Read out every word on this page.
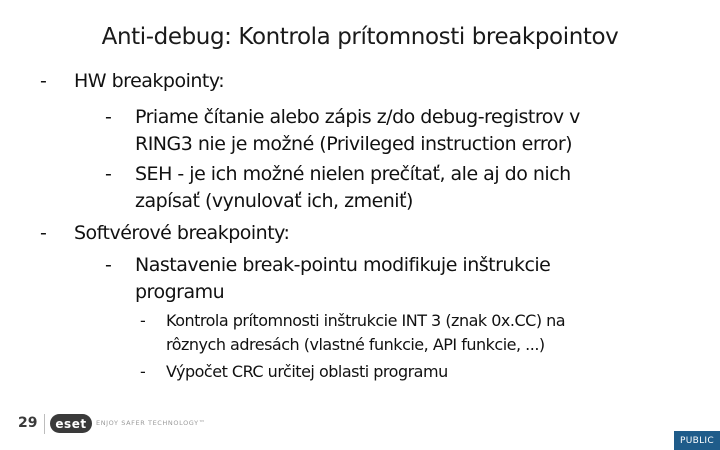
Anti-debug: Kontrola prítomnosti breakpointov
- HW breakpointy:
- Priame čítanie alebo zápis z/do debug-registrov v
RING3 nie je možné (Privileged instruction error)
- SEH - je ich možné nielen prečítať, ale aj do nich
zapísať (vynulovať ich, zmeniť)
- Softvérové breakpointy:
- Nastavenie break-pointu modifikuje inštrukcie
programu
- Kontrola prítomnosti inštrukcie INT 3 (znak 0x.CC) na
rôznych adresách (vlastné funkcie, API funkcie, ...)
- Výpočet CRC určitej oblasti programu
29	eset	ENJOY SAFER TECHNOLOGY™
PUBLIC
